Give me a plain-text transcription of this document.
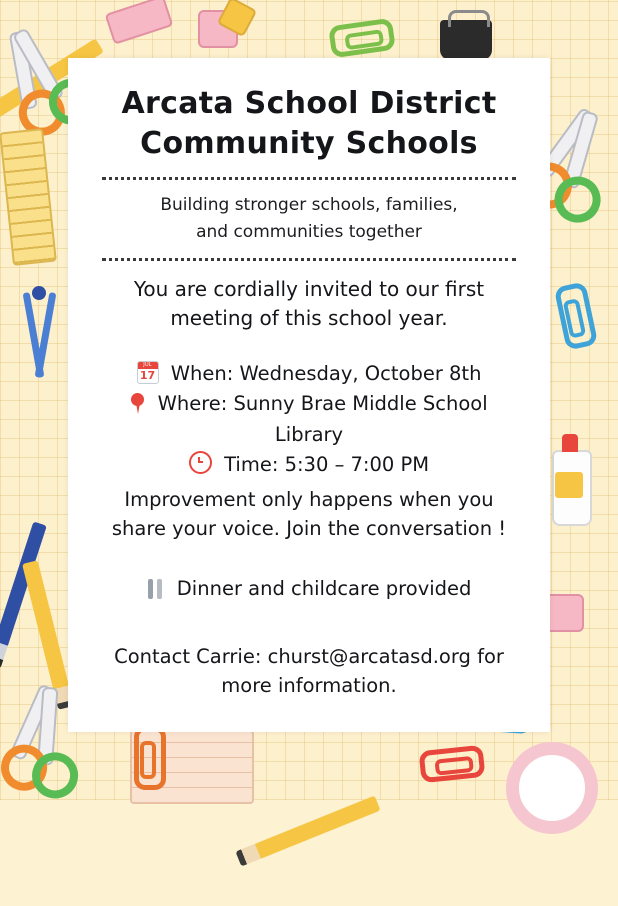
Arcata School District
Community Schools
Building stronger schools, families,
and communities together
You are cordially invited to our first
meeting of this school year.
JUL
17 When: Wednesday, October 8th
Where: Sunny Brae Middle School
Library
Time: 5:30 – 7:00 PM
Improvement only happens when you
share your voice. Join the conversation !
Dinner and childcare provided
Contact Carrie: churst@arcatasd.org for
more information.
